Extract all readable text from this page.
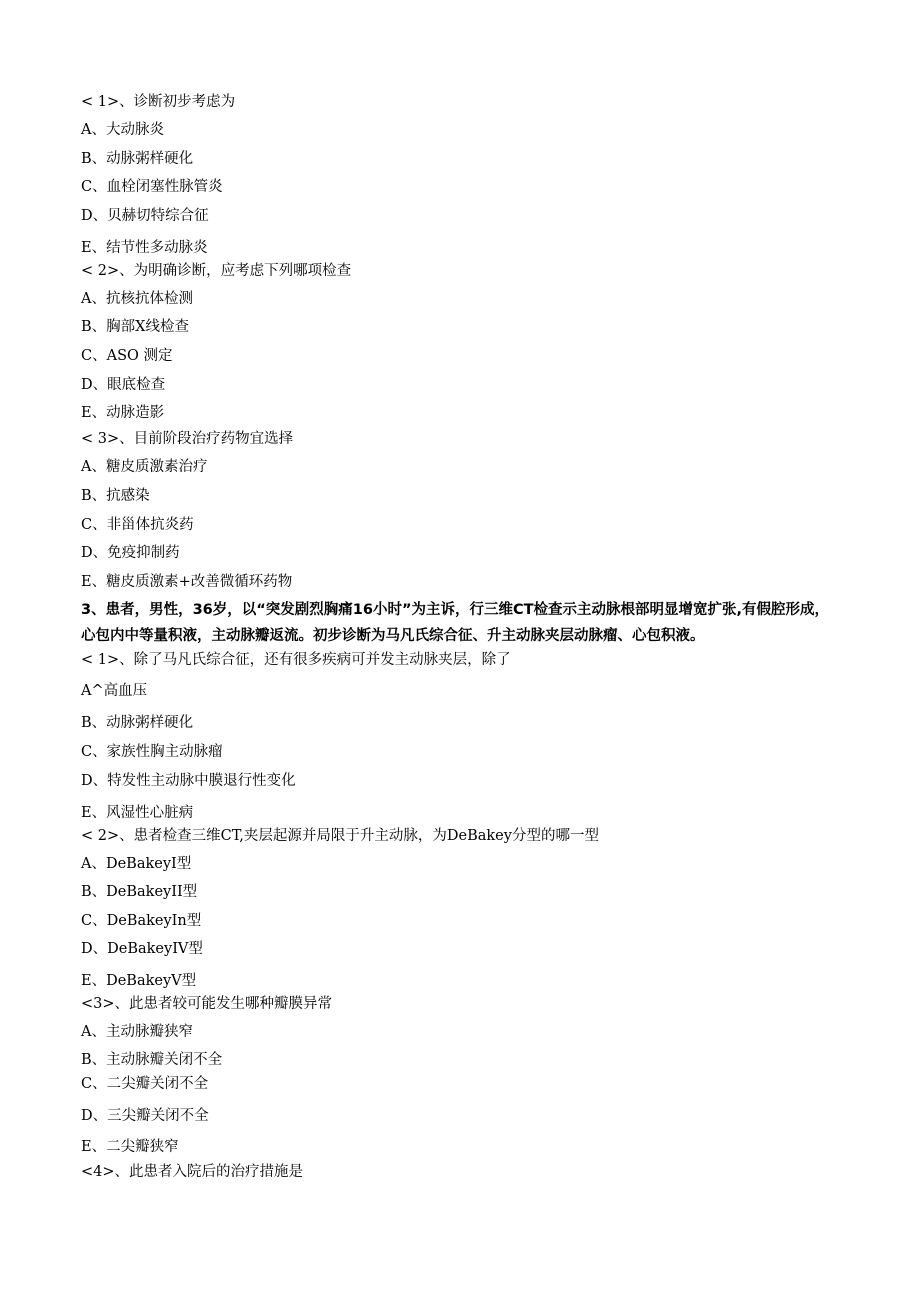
< 1>、诊断初步考虑为
A、大动脉炎
B、动脉粥样硬化
C、血栓闭塞性脉管炎
D、贝赫切特综合征
E、结节性多动脉炎
< 2>、为明确诊断，应考虑下列哪项检查
A、抗核抗体检测
B、胸部X线检查
C、ASO 测定
D、眼底检查
E、动脉造影
< 3>、目前阶段治疗药物宜选择
A、糖皮质激素治疗
B、抗感染
C、非甾体抗炎药
D、免疫抑制药
E、糖皮质激素+改善微循环药物
3、患者，男性，36岁，以“突发剧烈胸痛16小时”为主诉，行三维CT检查示主动脉根部明显增宽扩张,有假腔形成，心包内中等量积液，主动脉瓣返流。初步诊断为马凡氏综合征、升主动脉夹层动脉瘤、心包积液。
< 1>、除了马凡氏综合征，还有很多疾病可并发主动脉夹层，除了
A^高血压
B、动脉粥样硬化
C、家族性胸主动脉瘤
D、特发性主动脉中膜退行性变化
E、风湿性心脏病
< 2>、患者检查三维CT,夹层起源并局限于升主动脉，为DeBakey分型的哪一型
A、DeBakeyI型
B、DeBakeyII型
C、DeBakeyIn型
D、DeBakeyIV型
E、DeBakeyV型
<3>、此患者较可能发生哪种瓣膜异常
A、主动脉瓣狭窄
B、主动脉瓣关闭不全
C、二尖瓣关闭不全
D、三尖瓣关闭不全
E、二尖瓣狭窄
<4>、此患者入院后的治疗措施是
